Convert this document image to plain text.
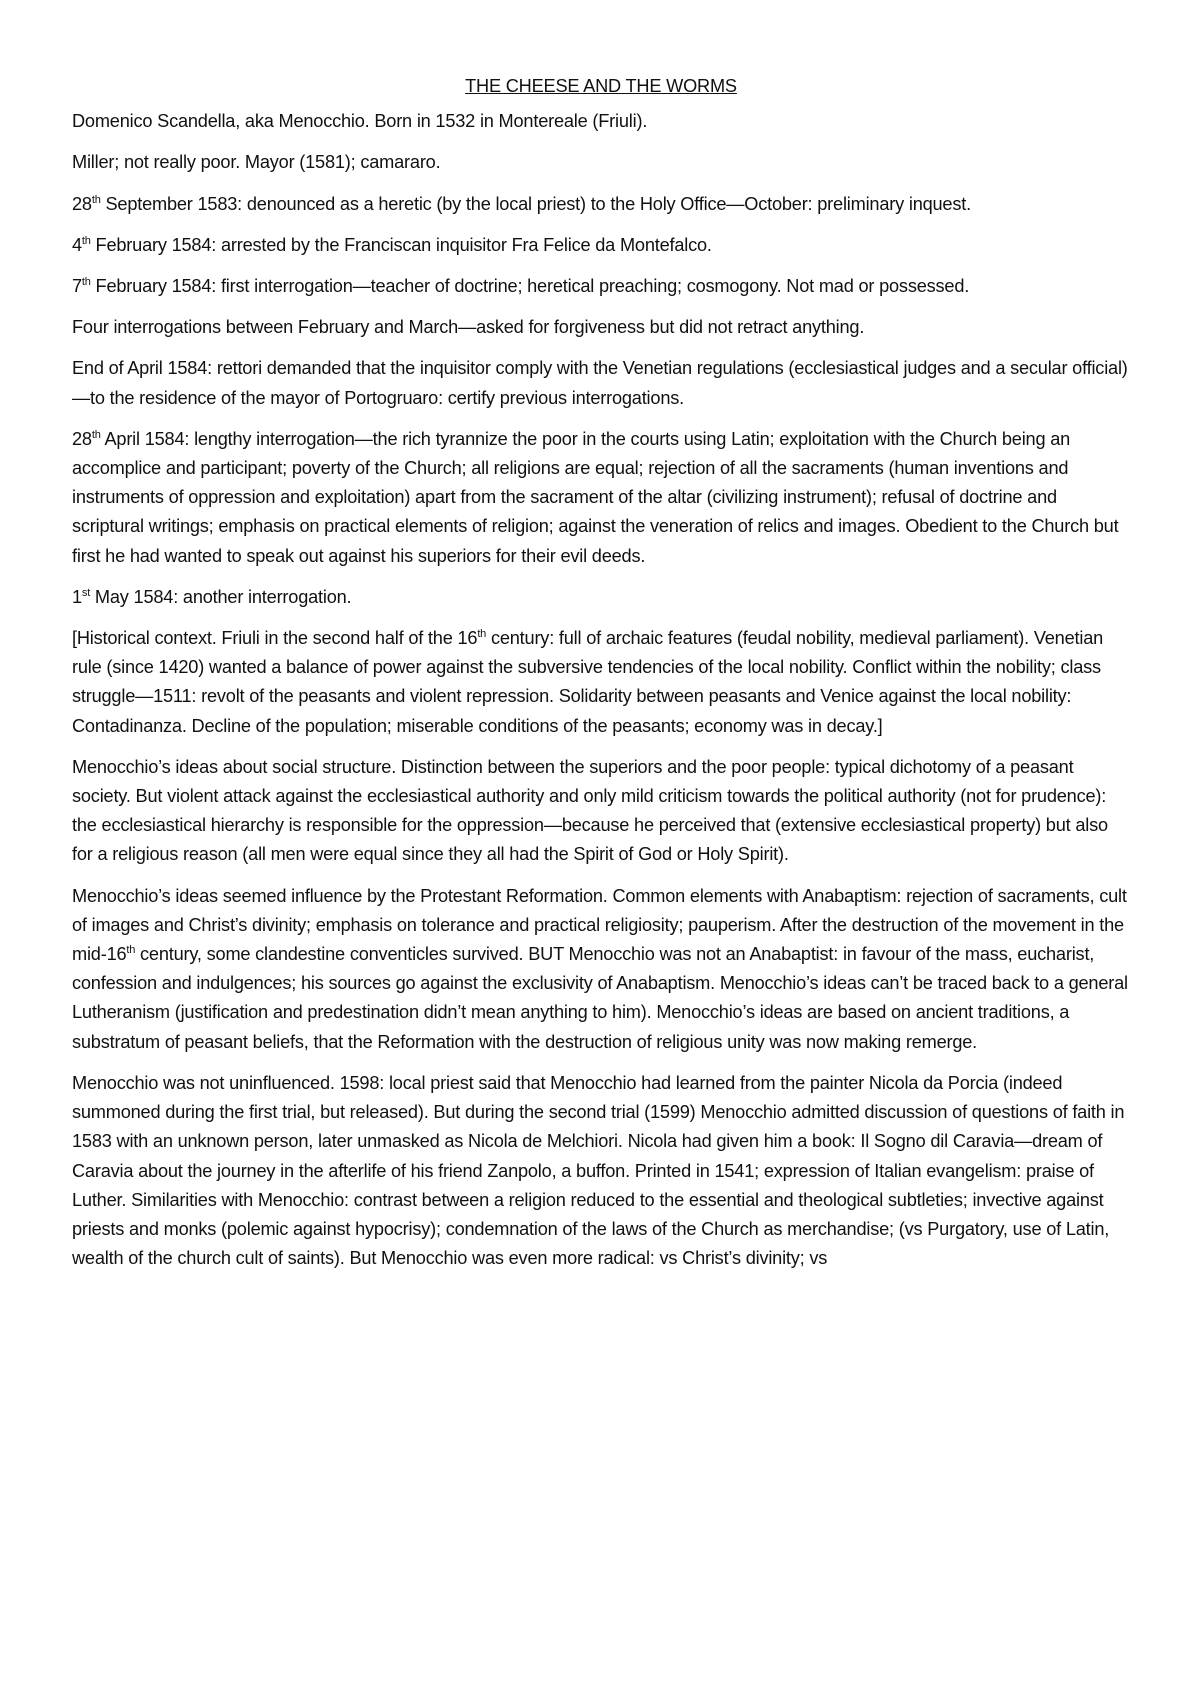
THE CHEESE AND THE WORMS

Domenico Scandella, aka Menocchio. Born in 1532 in Montereale (Friuli).

Miller; not really poor. Mayor (1581); camararo.

28th September 1583: denounced as a heretic (by the local priest) to the Holy Office—October: preliminary inquest.

4th February 1584: arrested by the Franciscan inquisitor Fra Felice da Montefalco.

7th February 1584: first interrogation—teacher of doctrine; heretical preaching; cosmogony. Not mad or possessed.

Four interrogations between February and March—asked for forgiveness but did not retract anything.

End of April 1584: rettori demanded that the inquisitor comply with the Venetian regulations (ecclesiastical judges and a secular official)—to the residence of the mayor of Portogruaro: certify previous interrogations.

28th April 1584: lengthy interrogation—the rich tyrannize the poor in the courts using Latin; exploitation with the Church being an accomplice and participant; poverty of the Church; all religions are equal; rejection of all the sacraments (human inventions and instruments of oppression and exploitation) apart from the sacrament of the altar (civilizing instrument); refusal of doctrine and scriptural writings; emphasis on practical elements of religion; against the veneration of relics and images. Obedient to the Church but first he had wanted to speak out against his superiors for their evil deeds.

1st May 1584: another interrogation.

[Historical context. Friuli in the second half of the 16th century: full of archaic features (feudal nobility, medieval parliament). Venetian rule (since 1420) wanted a balance of power against the subversive tendencies of the local nobility. Conflict within the nobility; class struggle—1511: revolt of the peasants and violent repression. Solidarity between peasants and Venice against the local nobility: Contadinanza. Decline of the population; miserable conditions of the peasants; economy was in decay.]

Menocchio’s ideas about social structure. Distinction between the superiors and the poor people: typical dichotomy of a peasant society. But violent attack against the ecclesiastical authority and only mild criticism towards the political authority (not for prudence): the ecclesiastical hierarchy is responsible for the oppression—because he perceived that (extensive ecclesiastical property) but also for a religious reason (all men were equal since they all had the Spirit of God or Holy Spirit).

Menocchio’s ideas seemed influence by the Protestant Reformation. Common elements with Anabaptism: rejection of sacraments, cult of images and Christ’s divinity; emphasis on tolerance and practical religiosity; pauperism. After the destruction of the movement in the mid-16th century, some clandestine conventicles survived. BUT Menocchio was not an Anabaptist: in favour of the mass, eucharist, confession and indulgences; his sources go against the exclusivity of Anabaptism. Menocchio’s ideas can’t be traced back to a general Lutheranism (justification and predestination didn’t mean anything to him). Menocchio’s ideas are based on ancient traditions, a substratum of peasant beliefs, that the Reformation with the destruction of religious unity was now making remerge.

Menocchio was not uninfluenced. 1598: local priest said that Menocchio had learned from the painter Nicola da Porcia (indeed summoned during the first trial, but released). But during the second trial (1599) Menocchio admitted discussion of questions of faith in 1583 with an unknown person, later unmasked as Nicola de Melchiori. Nicola had given him a book: Il Sogno dil Caravia—dream of Caravia about the journey in the afterlife of his friend Zanpolo, a buffon. Printed in 1541; expression of Italian evangelism: praise of Luther. Similarities with Menocchio: contrast between a religion reduced to the essential and theological subtleties; invective against priests and monks (polemic against hypocrisy); condemnation of the laws of the Church as merchandise; (vs Purgatory, use of Latin, wealth of the church cult of saints). But Menocchio was even more radical: vs Christ’s divinity; vs
